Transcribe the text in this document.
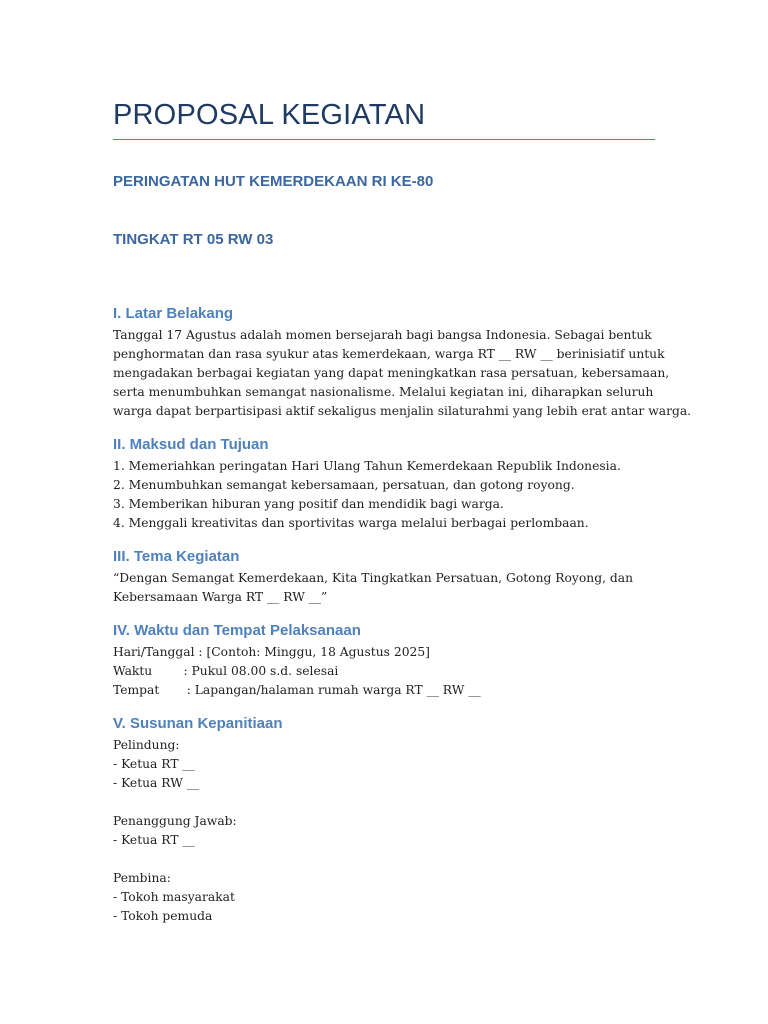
PROPOSAL KEGIATAN
PERINGATAN HUT KEMERDEKAAN RI KE-80
TINGKAT RT 05 RW 03
I. Latar Belakang
Tanggal 17 Agustus adalah momen bersejarah bagi bangsa Indonesia. Sebagai bentuk
penghormatan dan rasa syukur atas kemerdekaan, warga RT __ RW __ berinisiatif untuk
mengadakan berbagai kegiatan yang dapat meningkatkan rasa persatuan, kebersamaan,
serta menumbuhkan semangat nasionalisme. Melalui kegiatan ini, diharapkan seluruh
warga dapat berpartisipasi aktif sekaligus menjalin silaturahmi yang lebih erat antar warga.
II. Maksud dan Tujuan
1. Memeriahkan peringatan Hari Ulang Tahun Kemerdekaan Republik Indonesia.
2. Menumbuhkan semangat kebersamaan, persatuan, dan gotong royong.
3. Memberikan hiburan yang positif dan mendidik bagi warga.
4. Menggali kreativitas dan sportivitas warga melalui berbagai perlombaan.
III. Tema Kegiatan
“Dengan Semangat Kemerdekaan, Kita Tingkatkan Persatuan, Gotong Royong, dan
Kebersamaan Warga RT __ RW __”
IV. Waktu dan Tempat Pelaksanaan
Hari/Tanggal : [Contoh: Minggu, 18 Agustus 2025]
Waktu        : Pukul 08.00 s.d. selesai
Tempat       : Lapangan/halaman rumah warga RT __ RW __
V. Susunan Kepanitiaan
Pelindung:
- Ketua RT __
- Ketua RW __
Penanggung Jawab:
- Ketua RT __
Pembina:
- Tokoh masyarakat
- Tokoh pemuda
